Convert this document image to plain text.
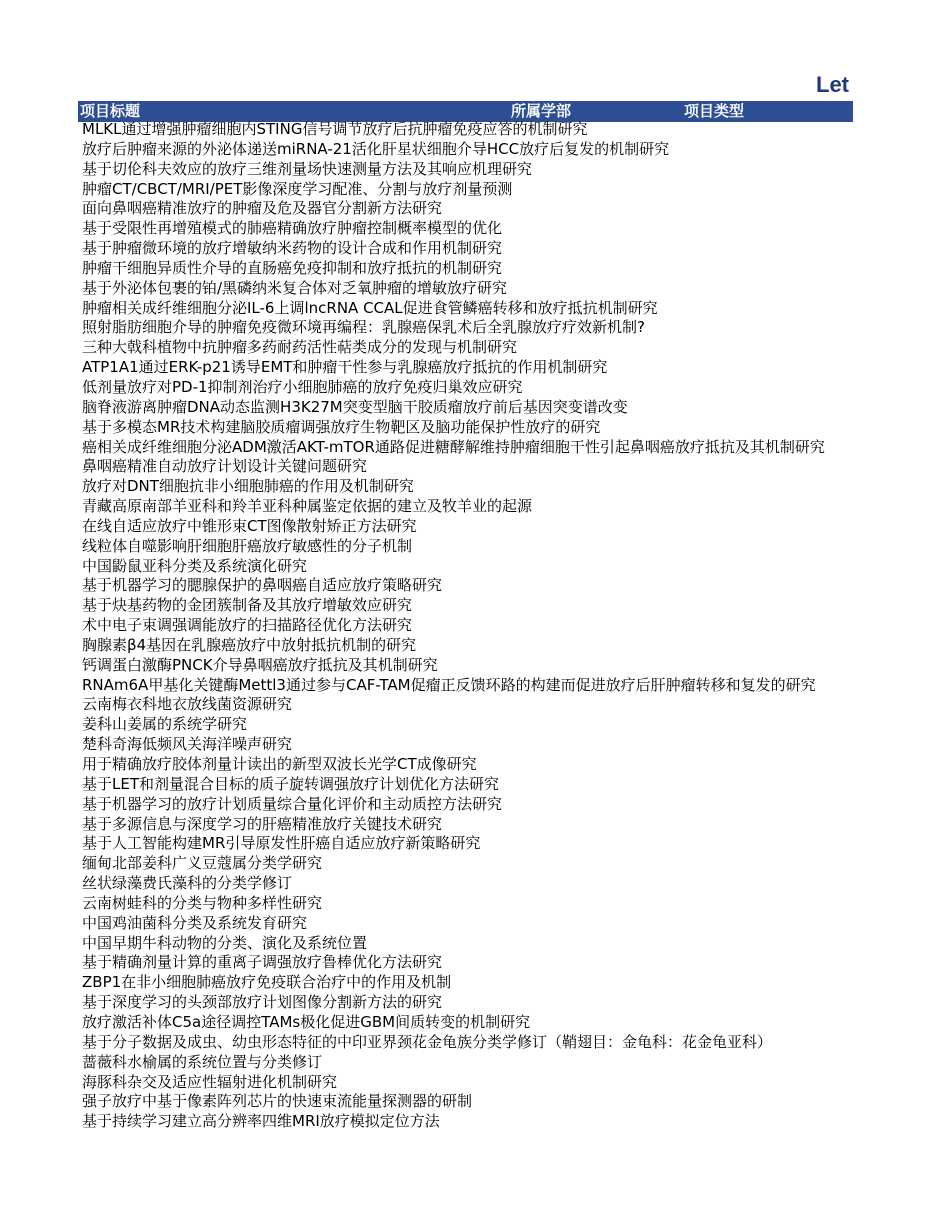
Let
项目标题	所属学部	项目类型
MLKL通过增强肿瘤细胞内STING信号调节放疗后抗肿瘤免疫应答的机制研究
放疗后肿瘤来源的外泌体递送miRNA-21活化肝星状细胞介导HCC放疗后复发的机制研究
基于切伦科夫效应的放疗三维剂量场快速测量方法及其响应机理研究
肿瘤CT/CBCT/MRI/PET影像深度学习配准、分割与放疗剂量预测
面向鼻咽癌精准放疗的肿瘤及危及器官分割新方法研究
基于受限性再增殖模式的肺癌精确放疗肿瘤控制概率模型的优化
基于肿瘤微环境的放疗增敏纳米药物的设计合成和作用机制研究
肿瘤干细胞异质性介导的直肠癌免疫抑制和放疗抵抗的机制研究
基于外泌体包裹的铂/黑磷纳米复合体对乏氧肿瘤的增敏放疗研究
肿瘤相关成纤维细胞分泌IL-6上调lncRNA CCAL促进食管鳞癌转移和放疗抵抗机制研究
照射脂肪细胞介导的肿瘤免疫微环境再编程：乳腺癌保乳术后全乳腺放疗疗效新机制?
三种大戟科植物中抗肿瘤多药耐药活性萜类成分的发现与机制研究
ATP1A1通过ERK-p21诱导EMT和肿瘤干性参与乳腺癌放疗抵抗的作用机制研究
低剂量放疗对PD-1抑制剂治疗小细胞肺癌的放疗免疫归巢效应研究
脑脊液游离肿瘤DNA动态监测H3K27M突变型脑干胶质瘤放疗前后基因突变谱改变
基于多模态MR技术构建脑胶质瘤调强放疗生物靶区及脑功能保护性放疗的研究
癌相关成纤维细胞分泌ADM激活AKT-mTOR通路促进糖酵解维持肿瘤细胞干性引起鼻咽癌放疗抵抗及其机制研究
鼻咽癌精准自动放疗计划设计关键问题研究
放疗对DNT细胞抗非小细胞肺癌的作用及机制研究
青藏高原南部羊亚科和羚羊亚科种属鉴定依据的建立及牧羊业的起源
在线自适应放疗中锥形束CT图像散射矫正方法研究
线粒体自噬影响肝细胞肝癌放疗敏感性的分子机制
中国鼢鼠亚科分类及系统演化研究
基于机器学习的腮腺保护的鼻咽癌自适应放疗策略研究
基于炔基药物的金团簇制备及其放疗增敏效应研究
术中电子束调强调能放疗的扫描路径优化方法研究
胸腺素β4基因在乳腺癌放疗中放射抵抗机制的研究
钙调蛋白激酶PNCK介导鼻咽癌放疗抵抗及其机制研究
RNAm6A甲基化关键酶Mettl3通过参与CAF-TAM促瘤正反馈环路的构建而促进放疗后肝肿瘤转移和复发的研究
云南梅衣科地衣放线菌资源研究
姜科山姜属的系统学研究
楚科奇海低频风关海洋噪声研究
用于精确放疗胶体剂量计读出的新型双波长光学CT成像研究
基于LET和剂量混合目标的质子旋转调强放疗计划优化方法研究
基于机器学习的放疗计划质量综合量化评价和主动质控方法研究
基于多源信息与深度学习的肝癌精准放疗关键技术研究
基于人工智能构建MR引导原发性肝癌自适应放疗新策略研究
缅甸北部姜科广义豆蔻属分类学研究
丝状绿藻费氏藻科的分类学修订
云南树蛙科的分类与物种多样性研究
中国鸡油菌科分类及系统发育研究
中国早期牛科动物的分类、演化及系统位置
基于精确剂量计算的重离子调强放疗鲁棒优化方法研究
ZBP1在非小细胞肺癌放疗免疫联合治疗中的作用及机制
基于深度学习的头颈部放疗计划图像分割新方法的研究
放疗激活补体C5a途径调控TAMs极化促进GBM间质转变的机制研究
基于分子数据及成虫、幼虫形态特征的中印亚界颈花金龟族分类学修订（鞘翅目：金龟科：花金龟亚科）
蔷薇科水榆属的系统位置与分类修订
海豚科杂交及适应性辐射进化机制研究
强子放疗中基于像素阵列芯片的快速束流能量探测器的研制
基于持续学习建立高分辨率四维MRI放疗模拟定位方法
